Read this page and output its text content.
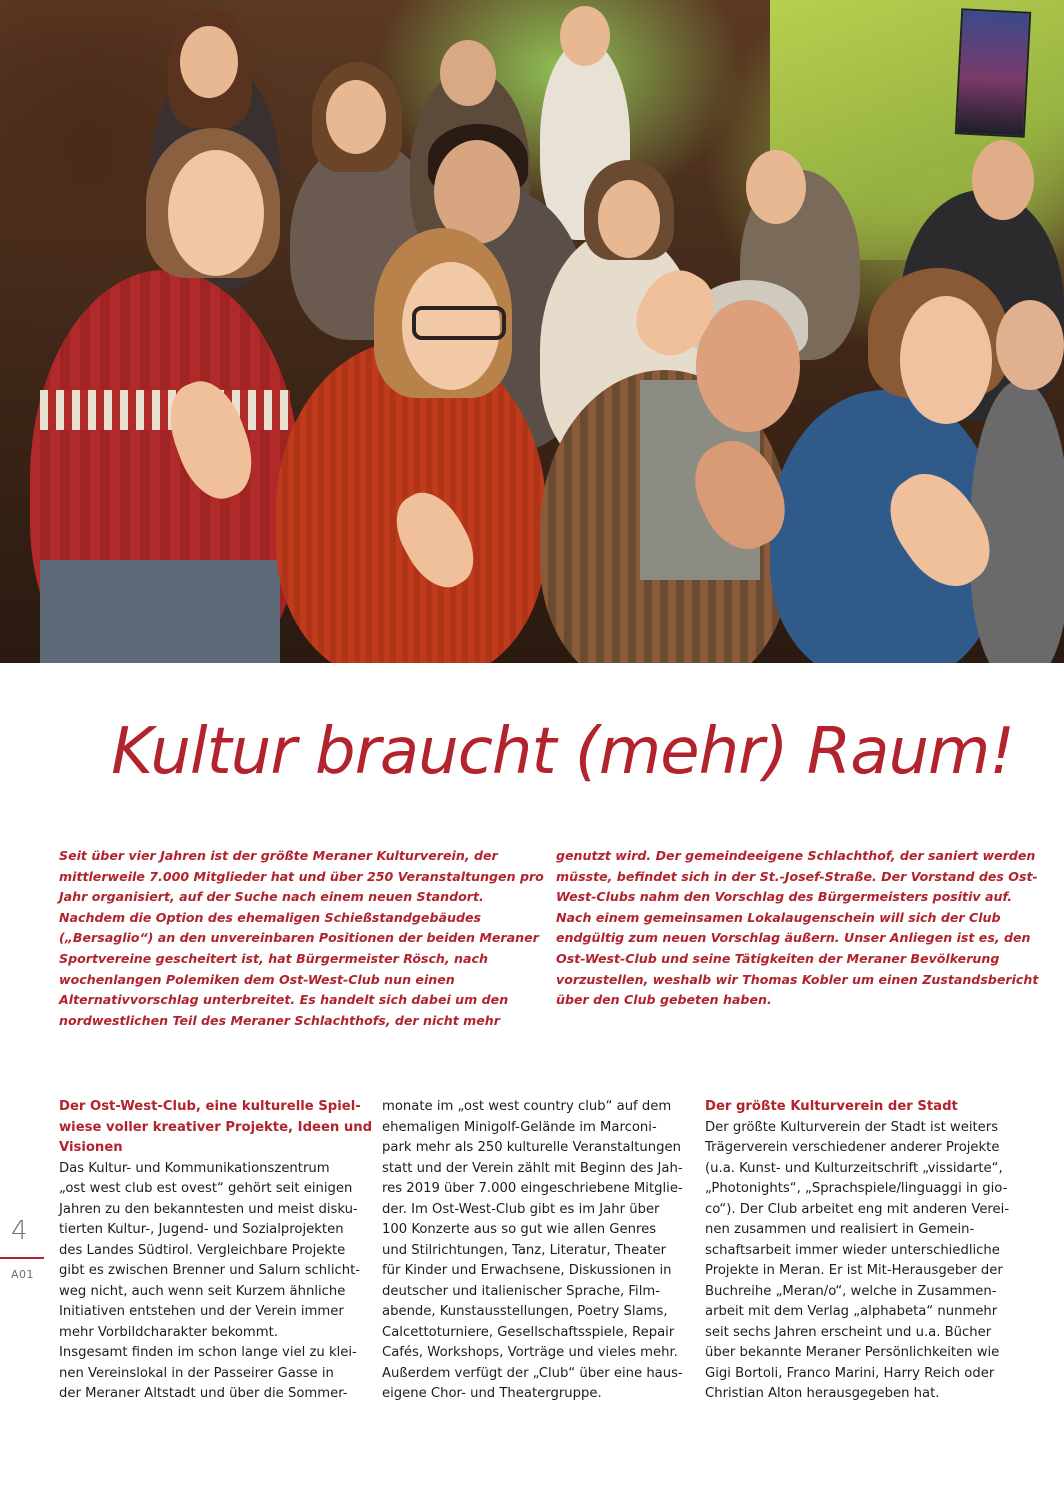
Kultur braucht (mehr) Raum!
Seit über vier Jahren ist der größte Meraner Kulturverein, der
mittlerweile 7.000 Mitglieder hat und über 250 Veranstaltungen pro
Jahr organisiert, auf der Suche nach einem neuen Standort.
Nachdem die Option des ehemaligen Schießstandgebäudes
(„Bersaglio“) an den unvereinbaren Positionen der beiden Meraner
Sportvereine gescheitert ist, hat Bürgermeister Rösch, nach
wochenlangen Polemiken dem Ost-West-Club nun einen
Alternativvorschlag unterbreitet. Es handelt sich dabei um den
nordwestlichen Teil des Meraner Schlachthofs, der nicht mehr
genutzt wird. Der gemeindeeigene Schlachthof, der saniert werden
müsste, befindet sich in der St.-Josef-Straße. Der Vorstand des Ost-
West-Clubs nahm den Vorschlag des Bürgermeisters positiv auf.
Nach einem gemeinsamen Lokalaugenschein will sich der Club
endgültig zum neuen Vorschlag äußern. Unser Anliegen ist es, den
Ost-West-Club und seine Tätigkeiten der Meraner Bevölkerung
vorzustellen, weshalb wir Thomas Kobler um einen Zustandsbericht
über den Club gebeten haben.
Der Ost-West-Club, eine kulturelle Spiel-
wiese voller kreativer Projekte, Ideen und
Visionen
Das Kultur- und Kommunikationszentrum
„ost west club est ovest“ gehört seit einigen
Jahren zu den bekanntesten und meist disku-
tierten Kultur-, Jugend- und Sozialprojekten
des Landes Südtirol. Vergleichbare Projekte
gibt es zwischen Brenner und Salurn schlicht-
weg nicht, auch wenn seit Kurzem ähnliche
Initiativen entstehen und der Verein immer
mehr Vorbildcharakter bekommt.
Insgesamt finden im schon lange viel zu klei-
nen Vereinslokal in der Passeirer Gasse in
der Meraner Altstadt und über die Sommer-
monate im „ost west country club“ auf dem
ehemaligen Minigolf-Gelände im Marconi-
park mehr als 250 kulturelle Veranstaltungen
statt und der Verein zählt mit Beginn des Jah-
res 2019 über 7.000 eingeschriebene Mitglie-
der. Im Ost-West-Club gibt es im Jahr über
100 Konzerte aus so gut wie allen Genres
und Stilrichtungen, Tanz, Literatur, Theater
für Kinder und Erwachsene, Diskussionen in
deutscher und italienischer Sprache, Film-
abende, Kunstausstellungen, Poetry Slams,
Calcettoturniere, Gesellschaftsspiele, Repair
Cafés, Workshops, Vorträge und vieles mehr.
Außerdem verfügt der „Club“ über eine haus-
eigene Chor- und Theatergruppe.
Der größte Kulturverein der Stadt
Der größte Kulturverein der Stadt ist weiters
Trägerverein verschiedener anderer Projekte
(u.a. Kunst- und Kulturzeitschrift „vissidarte“,
„Photonights“, „Sprachspiele/linguaggi in gio-
co“). Der Club arbeitet eng mit anderen Verei-
nen zusammen und realisiert in Gemein-
schaftsarbeit immer wieder unterschiedliche
Projekte in Meran. Er ist Mit-Herausgeber der
Buchreihe „Meran/o“, welche in Zusammen-
arbeit mit dem Verlag „alphabeta“ nunmehr
seit sechs Jahren erscheint und u.a. Bücher
über bekannte Meraner Persönlichkeiten wie
Gigi Bortoli, Franco Marini, Harry Reich oder
Christian Alton herausgegeben hat.
4
A01
